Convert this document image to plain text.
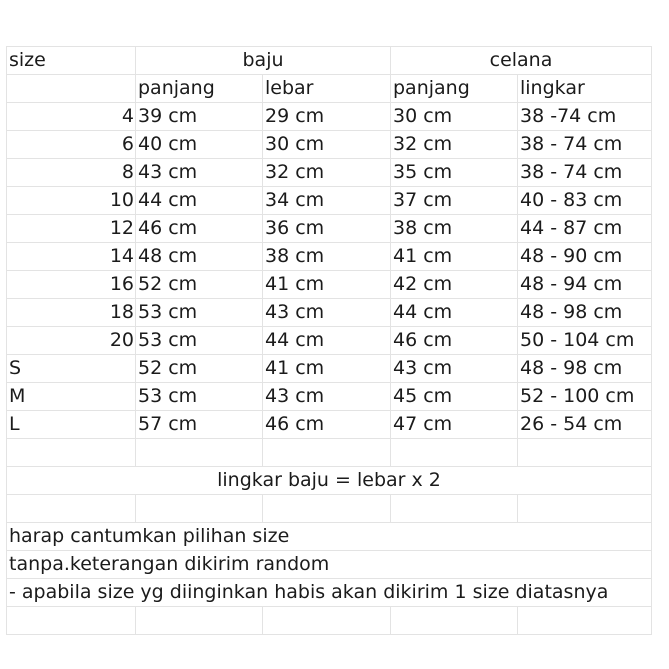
size	baju		celana	
	panjang	lebar	panjang	lingkar
4	39 cm	29 cm	30 cm	38 -74 cm
6	40 cm	30 cm	32 cm	38 - 74 cm
8	43 cm	32 cm	35 cm	38 - 74 cm
10	44 cm	34 cm	37 cm	40 - 83 cm
12	46 cm	36 cm	38 cm	44 - 87 cm
14	48 cm	38 cm	41 cm	48 - 90 cm
16	52 cm	41 cm	42 cm	48 - 94 cm
18	53 cm	43 cm	44 cm	48 - 98 cm
20	53 cm	44 cm	46 cm	50 - 104 cm
S	52 cm	41 cm	43 cm	48 - 98 cm
M	53 cm	43 cm	45 cm	52 - 100 cm
L	57 cm	46 cm	47 cm	26 - 54 cm

lingkar baju = lebar x 2				

harap cantumkan pilihan size				
tanpa.keterangan dikirim random				
- apabila size yg diinginkan habis akan dikirim 1 size diatasnya				
